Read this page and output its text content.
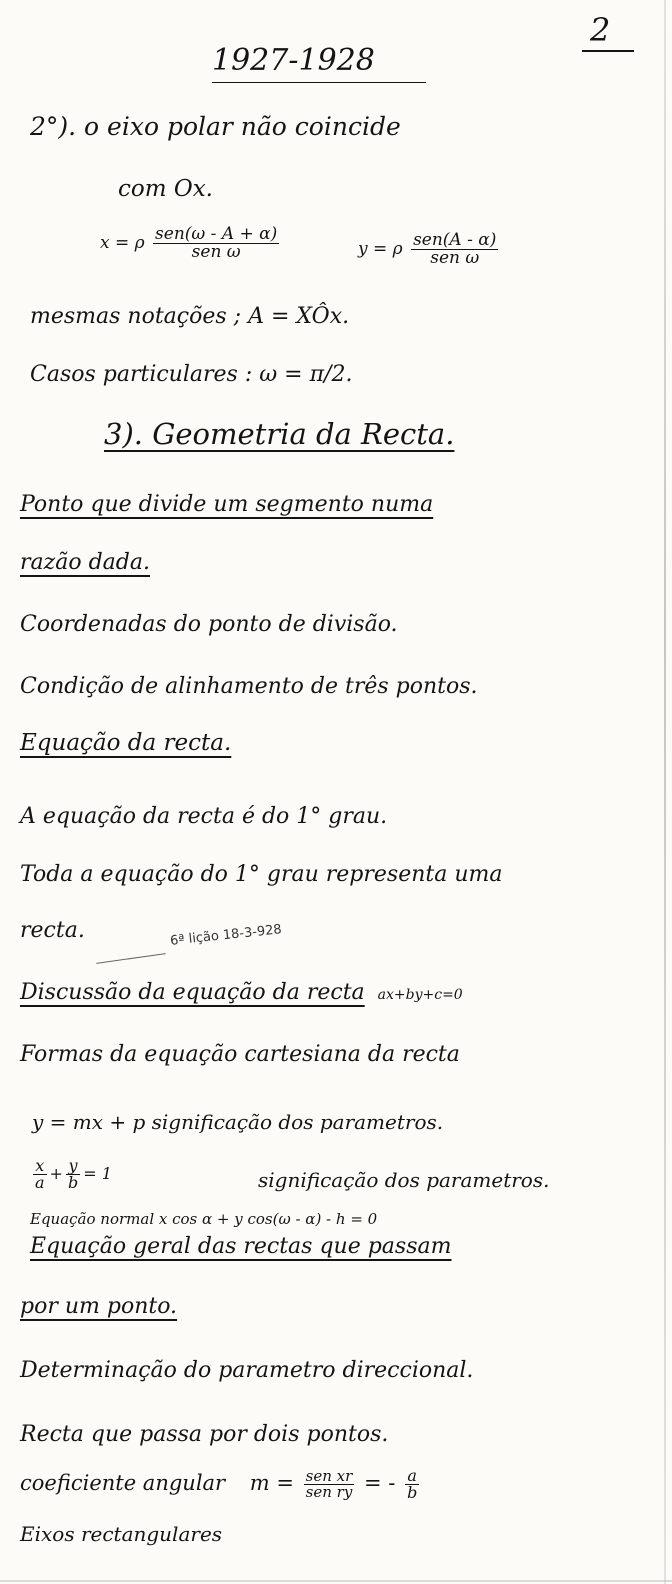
2
1927-1928
2°). o eixo polar não coincide
com Ox.
x = ρ $\frac{\text{sen(ω - A + α)}}{\text{sen ω}}$	y = ρ $\frac{\text{sen(A - α)}}{\text{sen ω}}$
mesmas notações ; A = XÔx.
Casos particulares : ω = π/2.
3). Geometria da Recta.
Ponto que divide um segmento numa
razão dada.
Coordenadas do ponto de divisão.
Condição de alinhamento de três pontos.
Equação da recta.
A equação da recta é do 1° grau.
Toda a equação do 1° grau representa uma
recta.	6ª lição 18-3-928
Discussão da equação da recta ax+by+c=0
Formas da equação cartesiana da recta
y = mx + p significação dos parametros.
$\frac{x}{a} + \frac{y}{b} = 1$	significação dos parametros.
Equação normal x cos α + y cos(ω - α) - h = 0
Equação geral das rectas que passam
por um ponto.
Determinação do parametro direccional.
Recta que passa por dois pontos.
coeficiente angular $m = \frac{\text{sen xr}}{\text{sen ry}}$ = - $\frac{a}{b}$
Eixos rectangulares
